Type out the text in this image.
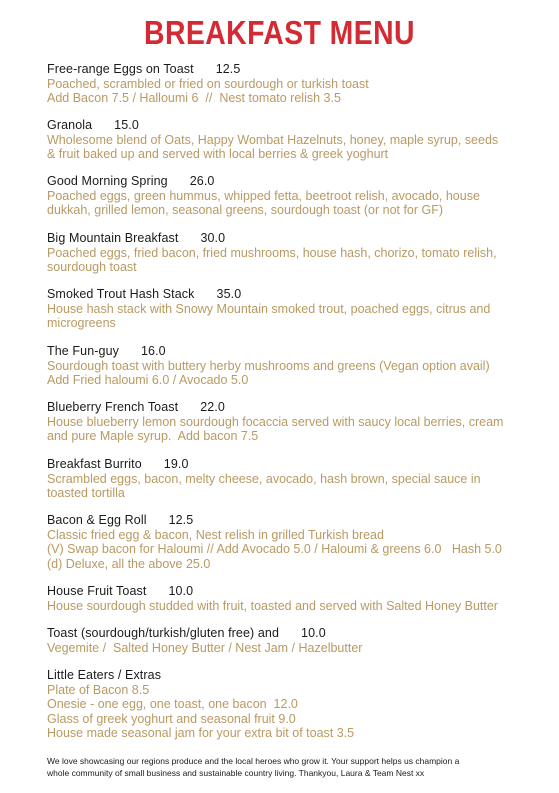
BREAKFAST MENU
Free-range Eggs on Toast 12.5
Poached, scrambled or fried on sourdough or turkish toast
Add Bacon 7.5 / Halloumi 6  //  Nest tomato relish 3.5
Granola 15.0
Wholesome blend of Oats, Happy Wombat Hazelnuts, honey, maple syrup, seeds
& fruit baked up and served with local berries & greek yoghurt
Good Morning Spring 26.0
Poached eggs, green hummus, whipped fetta, beetroot relish, avocado, house
dukkah, grilled lemon, seasonal greens, sourdough toast (or not for GF)
Big Mountain Breakfast 30.0
Poached eggs, fried bacon, fried mushrooms, house hash, chorizo, tomato relish,
sourdough toast
Smoked Trout Hash Stack 35.0
House hash stack with Snowy Mountain smoked trout, poached eggs, citrus and
microgreens
The Fun-guy 16.0
Sourdough toast with buttery herby mushrooms and greens (Vegan option avail)
Add Fried haloumi 6.0 / Avocado 5.0
Blueberry French Toast 22.0
House blueberry lemon sourdough focaccia served with saucy local berries, cream
and pure Maple syrup.  Add bacon 7.5
Breakfast Burrito 19.0
Scrambled eggs, bacon, melty cheese, avocado, hash brown, special sauce in
toasted tortilla
Bacon & Egg Roll 12.5
Classic fried egg & bacon, Nest relish in grilled Turkish bread
(V) Swap bacon for Haloumi // Add Avocado 5.0 / Haloumi & greens 6.0   Hash 5.0
(d) Deluxe, all the above 25.0
House Fruit Toast 10.0
House sourdough studded with fruit, toasted and served with Salted Honey Butter
Toast (sourdough/turkish/gluten free) and 10.0
Vegemite /  Salted Honey Butter / Nest Jam / Hazelbutter
Little Eaters / Extras
Plate of Bacon 8.5
Onesie - one egg, one toast, one bacon  12.0
Glass of greek yoghurt and seasonal fruit 9.0
House made seasonal jam for your extra bit of toast 3.5
We love showcasing our regions produce and the local heroes who grow it. Your support helps us champion a
whole community of small business and sustainable country living. Thankyou, Laura & Team Nest xx
